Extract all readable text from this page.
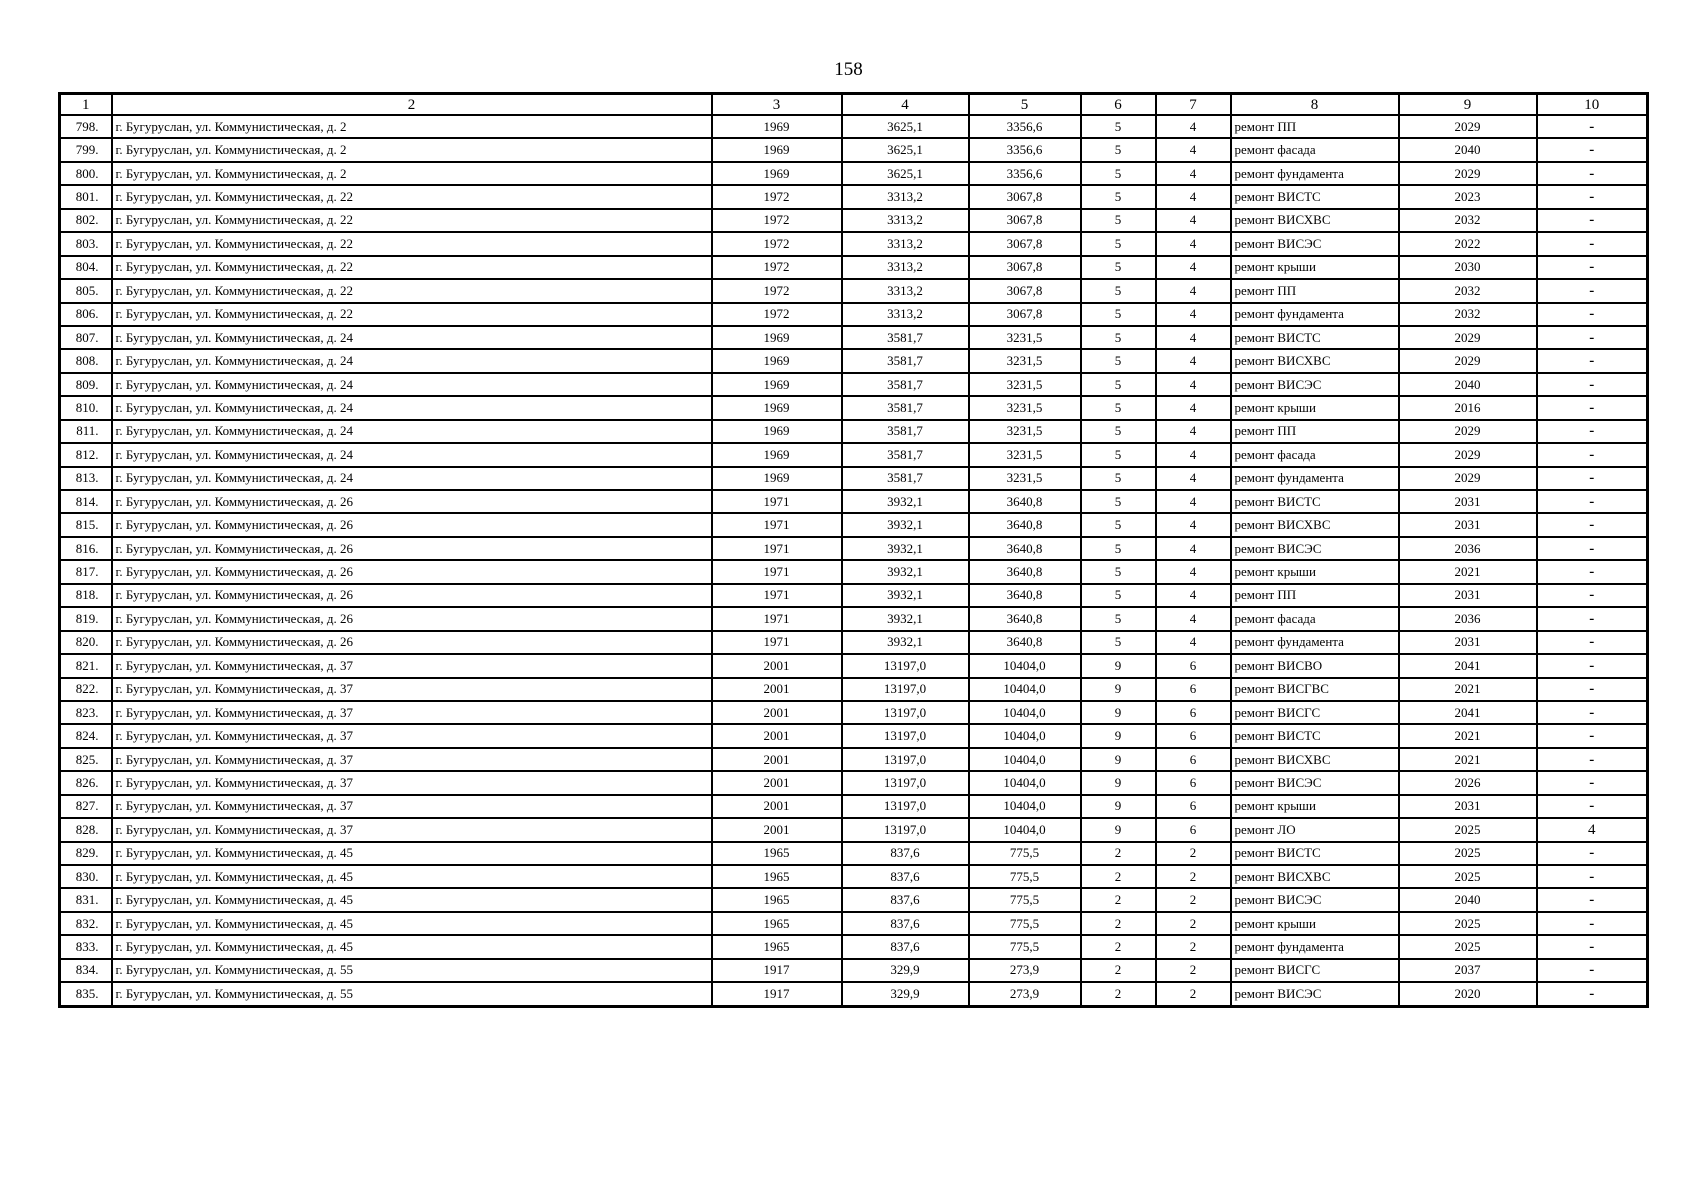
158
1	2	3	4	5	6	7	8	9	10
798.	г. Бугуруслан, ул. Коммунистическая, д. 2	1969	3625,1	3356,6	5	4	ремонт ПП	2029	-
799.	г. Бугуруслан, ул. Коммунистическая, д. 2	1969	3625,1	3356,6	5	4	ремонт фасада	2040	-
800.	г. Бугуруслан, ул. Коммунистическая, д. 2	1969	3625,1	3356,6	5	4	ремонт фундамента	2029	-
801.	г. Бугуруслан, ул. Коммунистическая, д. 22	1972	3313,2	3067,8	5	4	ремонт ВИСТС	2023	-
802.	г. Бугуруслан, ул. Коммунистическая, д. 22	1972	3313,2	3067,8	5	4	ремонт ВИСХВС	2032	-
803.	г. Бугуруслан, ул. Коммунистическая, д. 22	1972	3313,2	3067,8	5	4	ремонт ВИСЭС	2022	-
804.	г. Бугуруслан, ул. Коммунистическая, д. 22	1972	3313,2	3067,8	5	4	ремонт крыши	2030	-
805.	г. Бугуруслан, ул. Коммунистическая, д. 22	1972	3313,2	3067,8	5	4	ремонт ПП	2032	-
806.	г. Бугуруслан, ул. Коммунистическая, д. 22	1972	3313,2	3067,8	5	4	ремонт фундамента	2032	-
807.	г. Бугуруслан, ул. Коммунистическая, д. 24	1969	3581,7	3231,5	5	4	ремонт ВИСТС	2029	-
808.	г. Бугуруслан, ул. Коммунистическая, д. 24	1969	3581,7	3231,5	5	4	ремонт ВИСХВС	2029	-
809.	г. Бугуруслан, ул. Коммунистическая, д. 24	1969	3581,7	3231,5	5	4	ремонт ВИСЭС	2040	-
810.	г. Бугуруслан, ул. Коммунистическая, д. 24	1969	3581,7	3231,5	5	4	ремонт крыши	2016	-
811.	г. Бугуруслан, ул. Коммунистическая, д. 24	1969	3581,7	3231,5	5	4	ремонт ПП	2029	-
812.	г. Бугуруслан, ул. Коммунистическая, д. 24	1969	3581,7	3231,5	5	4	ремонт фасада	2029	-
813.	г. Бугуруслан, ул. Коммунистическая, д. 24	1969	3581,7	3231,5	5	4	ремонт фундамента	2029	-
814.	г. Бугуруслан, ул. Коммунистическая, д. 26	1971	3932,1	3640,8	5	4	ремонт ВИСТС	2031	-
815.	г. Бугуруслан, ул. Коммунистическая, д. 26	1971	3932,1	3640,8	5	4	ремонт ВИСХВС	2031	-
816.	г. Бугуруслан, ул. Коммунистическая, д. 26	1971	3932,1	3640,8	5	4	ремонт ВИСЭС	2036	-
817.	г. Бугуруслан, ул. Коммунистическая, д. 26	1971	3932,1	3640,8	5	4	ремонт крыши	2021	-
818.	г. Бугуруслан, ул. Коммунистическая, д. 26	1971	3932,1	3640,8	5	4	ремонт ПП	2031	-
819.	г. Бугуруслан, ул. Коммунистическая, д. 26	1971	3932,1	3640,8	5	4	ремонт фасада	2036	-
820.	г. Бугуруслан, ул. Коммунистическая, д. 26	1971	3932,1	3640,8	5	4	ремонт фундамента	2031	-
821.	г. Бугуруслан, ул. Коммунистическая, д. 37	2001	13197,0	10404,0	9	6	ремонт ВИСВО	2041	-
822.	г. Бугуруслан, ул. Коммунистическая, д. 37	2001	13197,0	10404,0	9	6	ремонт ВИСГВС	2021	-
823.	г. Бугуруслан, ул. Коммунистическая, д. 37	2001	13197,0	10404,0	9	6	ремонт ВИСГС	2041	-
824.	г. Бугуруслан, ул. Коммунистическая, д. 37	2001	13197,0	10404,0	9	6	ремонт ВИСТС	2021	-
825.	г. Бугуруслан, ул. Коммунистическая, д. 37	2001	13197,0	10404,0	9	6	ремонт ВИСХВС	2021	-
826.	г. Бугуруслан, ул. Коммунистическая, д. 37	2001	13197,0	10404,0	9	6	ремонт ВИСЭС	2026	-
827.	г. Бугуруслан, ул. Коммунистическая, д. 37	2001	13197,0	10404,0	9	6	ремонт крыши	2031	-
828.	г. Бугуруслан, ул. Коммунистическая, д. 37	2001	13197,0	10404,0	9	6	ремонт ЛО	2025	4
829.	г. Бугуруслан, ул. Коммунистическая, д. 45	1965	837,6	775,5	2	2	ремонт ВИСТС	2025	-
830.	г. Бугуруслан, ул. Коммунистическая, д. 45	1965	837,6	775,5	2	2	ремонт ВИСХВС	2025	-
831.	г. Бугуруслан, ул. Коммунистическая, д. 45	1965	837,6	775,5	2	2	ремонт ВИСЭС	2040	-
832.	г. Бугуруслан, ул. Коммунистическая, д. 45	1965	837,6	775,5	2	2	ремонт крыши	2025	-
833.	г. Бугуруслан, ул. Коммунистическая, д. 45	1965	837,6	775,5	2	2	ремонт фундамента	2025	-
834.	г. Бугуруслан, ул. Коммунистическая, д. 55	1917	329,9	273,9	2	2	ремонт ВИСГС	2037	-
835.	г. Бугуруслан, ул. Коммунистическая, д. 55	1917	329,9	273,9	2	2	ремонт ВИСЭС	2020	-
